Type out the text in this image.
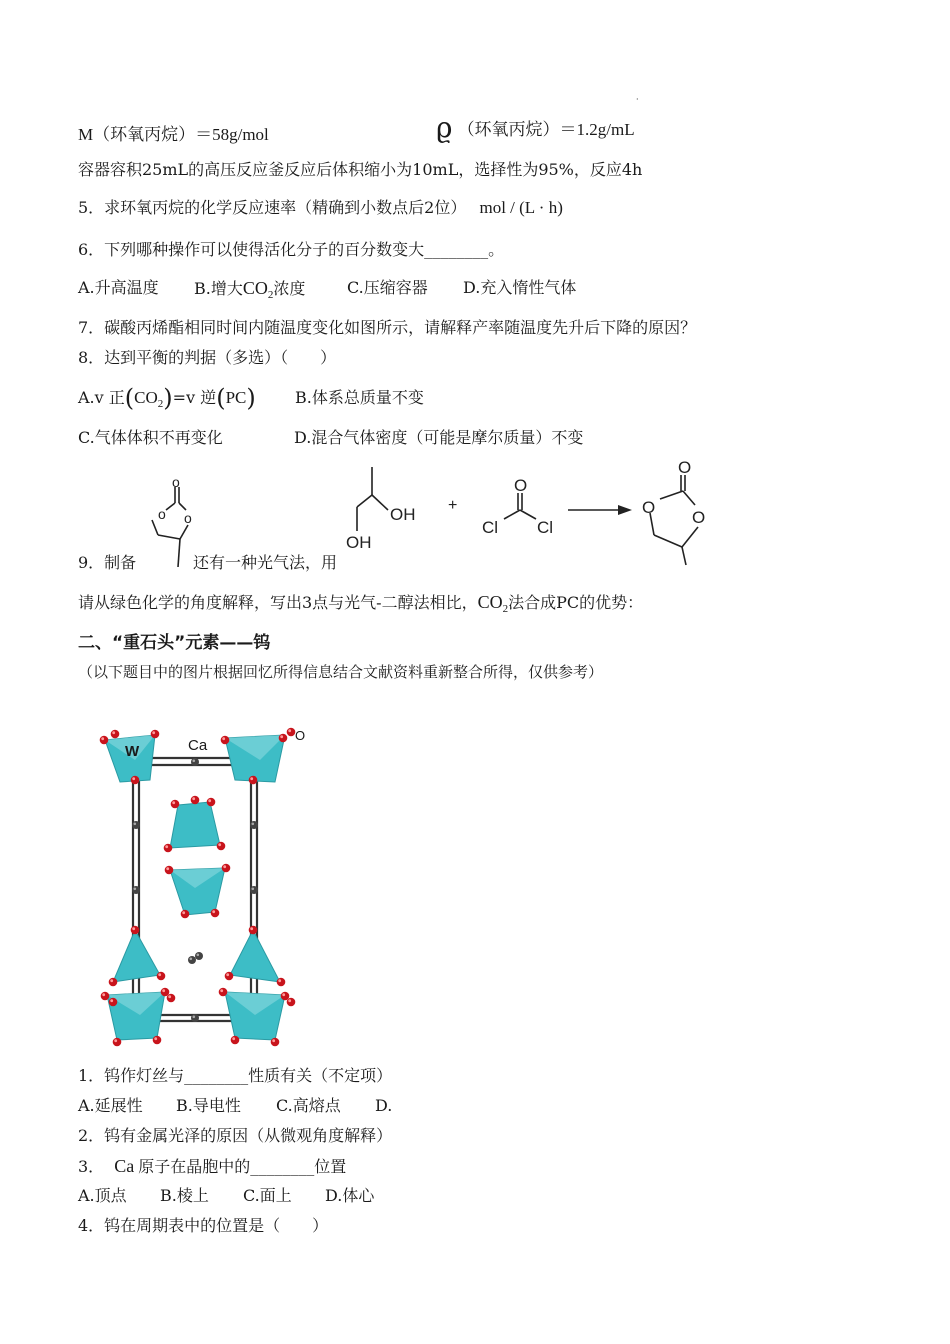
·
M（环氧丙烷）＝58g/mol	ϱ （环氧丙烷）＝1.2g/mL
容器容积25mL的高压反应釜反应后体积缩小为10mL，选择性为95%，反应4h
5．求环氧丙烷的化学反应速率（精确到小数点后2位） mol / (L · h)
6．下列哪种操作可以使得活化分子的百分数变大________。
A.升高温度 B.增大$CO_2$浓度	C.压缩容器 D.充入惰性气体
7．碳酸丙烯酯相同时间内随温度变化如图所示，请解释产率随温度先升后下降的原因？
8．达到平衡的判据（多选）（　　）
A.v 正$(CO_2)=v$ 逆(PC) B.体系总质量不变
C.气体体积不再变化	D.混合气体密度（可能是摩尔质量）不变
o
o o	OH
OH
+
O
Cl Cl
O
O
O
9．制备	还有一种光气法，用
请从绿色化学的角度解释，写出3点与光气-二醇法相比，$CO_2$法合成PC的优势：
二、“重石头”元素——钨
（以下题目中的图片根据回忆所得信息结合文献资料重新整合所得，仅供参考）
W	Ca
O
1．钨作灯丝与________性质有关（不定项）
A.延展性 B.导电性 C.高熔点 D.
2．钨有金属光泽的原因（从微观角度解释）
3． Ca 原子在晶胞中的________位置
A.顶点 B.棱上 C.面上 D.体心
4．钨在周期表中的位置是（　　）
